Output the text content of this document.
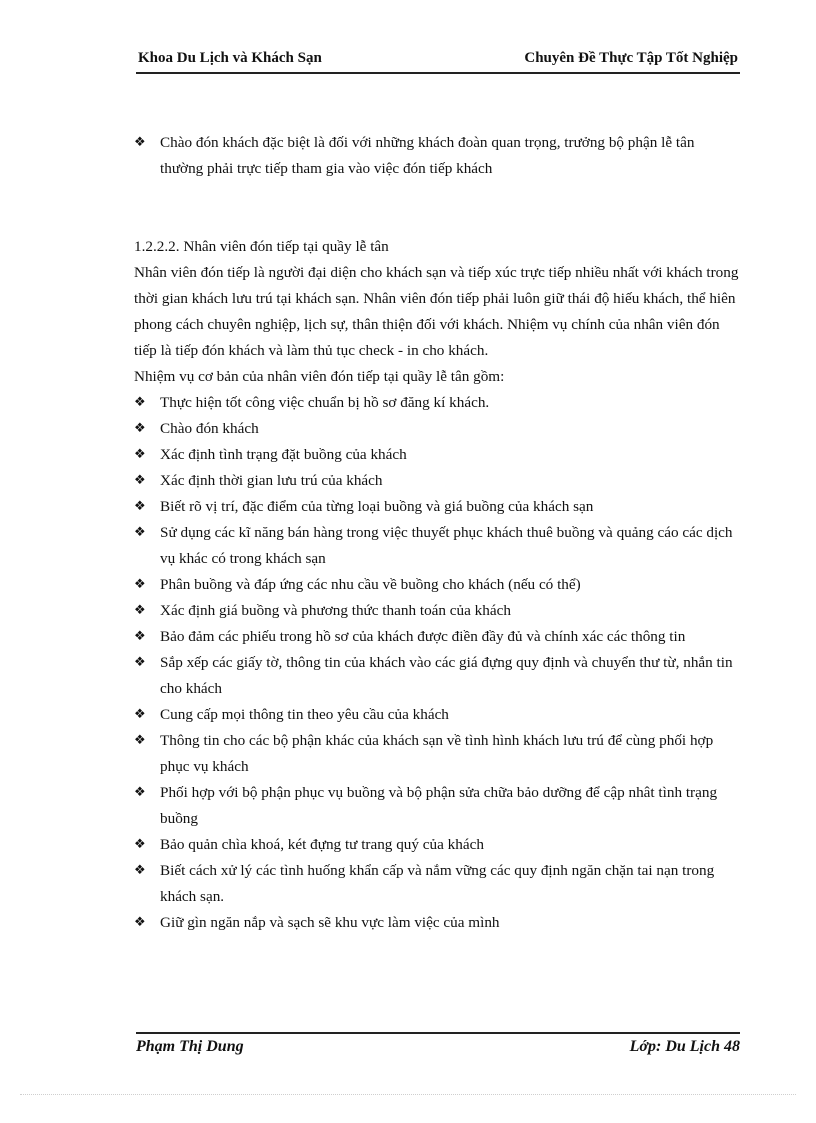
Khoa Du Lịch và Khách Sạn	Chuyên Đề Thực Tập Tốt Nghiệp

❖ Chào đón khách đặc biệt là đối với những khách đoàn quan trọng, trưởng bộ phận lễ tân thường phải trực tiếp tham gia vào việc đón tiếp khách

1.2.2.2. Nhân viên đón tiếp tại quầy lễ tân

Nhân viên đón tiếp là người đại diện cho khách sạn và tiếp xúc trực tiếp nhiều nhất với khách trong thời gian khách lưu trú tại khách sạn. Nhân viên đón tiếp phải luôn giữ thái độ hiếu khách, thể hiên phong cách chuyên nghiệp, lịch sự, thân thiện đối với khách. Nhiệm vụ chính của nhân viên đón tiếp là tiếp đón khách và làm thủ tục check - in cho khách.

Nhiệm vụ cơ bản của nhân viên đón tiếp tại quầy lễ tân gồm:

❖ Thực hiện tốt công việc chuẩn bị hồ sơ đăng kí khách.

❖ Chào đón khách

❖ Xác định tình trạng đặt buồng của khách

❖ Xác định thời gian lưu trú của khách

❖ Biết rõ vị trí, đặc điểm của từng loại buồng và giá buồng của khách sạn

❖ Sử dụng các kĩ năng bán hàng trong việc thuyết phục khách thuê buồng và quảng cáo các dịch vụ khác có trong khách sạn

❖ Phân buồng và đáp ứng các nhu cầu về buồng cho khách (nếu có thể)

❖ Xác định giá buồng và phương thức thanh toán của khách

❖ Bảo đảm các phiếu trong hồ sơ của khách được điền đầy đủ và chính xác các thông tin

❖ Sắp xếp các giấy tờ, thông tin của khách vào các giá đựng quy định và chuyển thư từ, nhắn tin cho khách

❖ Cung cấp mọi thông tin theo yêu cầu của khách

❖ Thông tin cho các bộ phận khác của khách sạn về tình hình khách lưu trú để cùng phối hợp phục vụ khách

❖ Phối hợp với bộ phận phục vụ buồng và bộ phận sửa chữa bảo dưỡng để cập nhât tình trạng buồng

❖ Bảo quản chìa khoá, két đựng tư trang quý của khách

❖ Biết cách xử lý các tình huống khẩn cấp và nắm vững các quy định ngăn chặn tai nạn trong khách sạn.

❖ Giữ gìn ngăn nắp và sạch sẽ khu vực làm việc của mình

Phạm Thị Dung	Lớp: Du Lịch 48
